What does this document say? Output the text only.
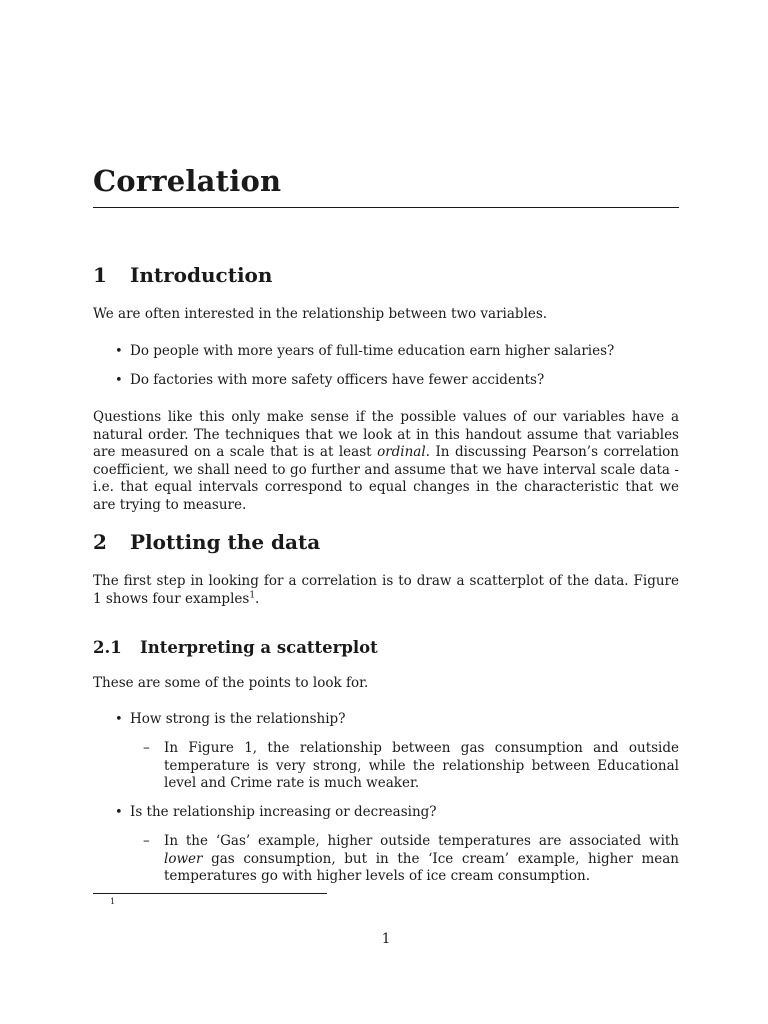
Correlation
1 Introduction

We are often interested in the relationship between two variables.

• Do people with more years of full-time education earn higher salaries?
• Do factories with more safety officers have fewer accidents?

Questions like this only make sense if the possible values of our variables have a natural order. The techniques that we look at in this handout assume that variables are measured on a scale that is at least ordinal. In discussing Pearson’s correlation coefficient, we shall need to go further and assume that we have interval scale data - i.e. that equal intervals correspond to equal changes in the characteristic that we are trying to measure.

2 Plotting the data

The first step in looking for a correlation is to draw a scatterplot of the data. Figure 1 shows four examples$^1$.

2.1 Interpreting a scatterplot

These are some of the points to look for.

• How strong is the relationship?
– In Figure 1, the relationship between gas consumption and outside temperature is very strong, while the relationship between Educational level and Crime rate is much weaker.
• Is the relationship increasing or decreasing?
– In the ‘Gas’ example, higher outside temperatures are associated with lower gas consumption, but in the ‘Ice cream’ example, higher mean temperatures go with higher levels of ice cream consumption.
1
1
